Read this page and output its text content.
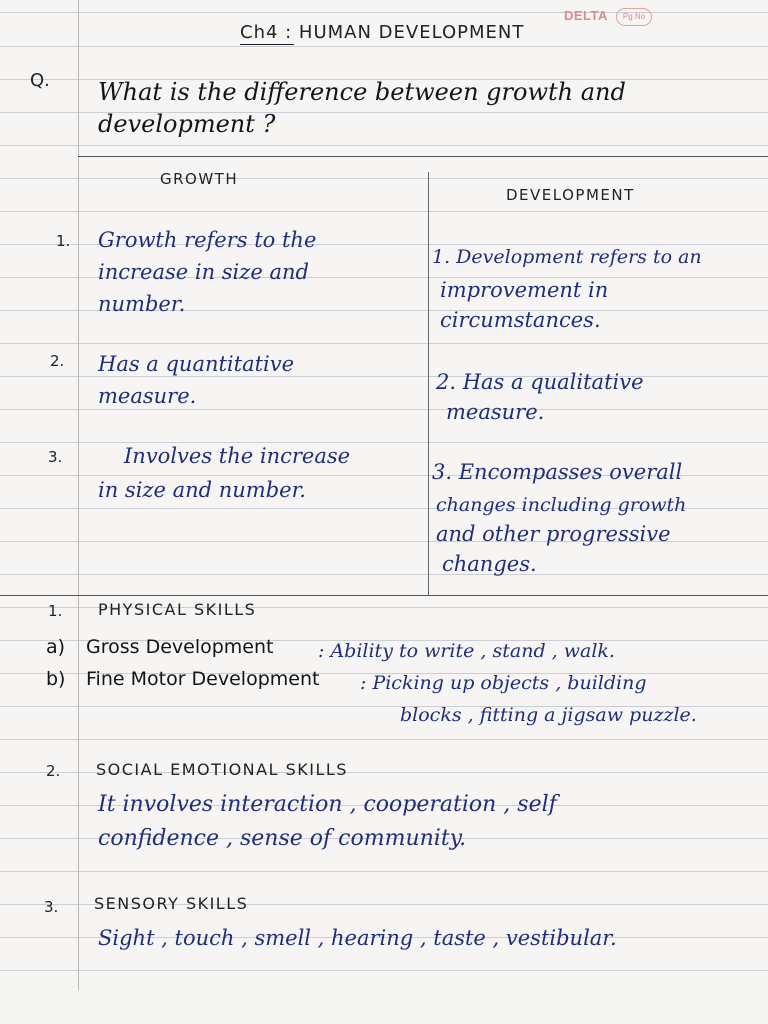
DELTA	Pg No
Ch4 : HUMAN DEVELOPMENT
Q. What is the difference between growth and
development ?
GROWTH
DEVELOPMENT
1. Growth refers to the
increase in size and
number.
1. Development refers to an
improvement in
circumstances.
2. Has a quantitative
measure.
2. Has a qualitative
measure.
3.	Involves the increase
in size and number.
3. Encompasses overall
changes including growth
and other progressive
changes.
1. PHYSICAL SKILLS
a) Gross Development : Ability to write , stand , walk.
b) Fine Motor Development : Picking up objects , building
blocks , fitting a jigsaw puzzle.
2. SOCIAL EMOTIONAL SKILLS
It involves interaction , cooperation , self
confidence , sense of community.
3. SENSORY SKILLS
Sight , touch , smell , hearing , taste , vestibular.
